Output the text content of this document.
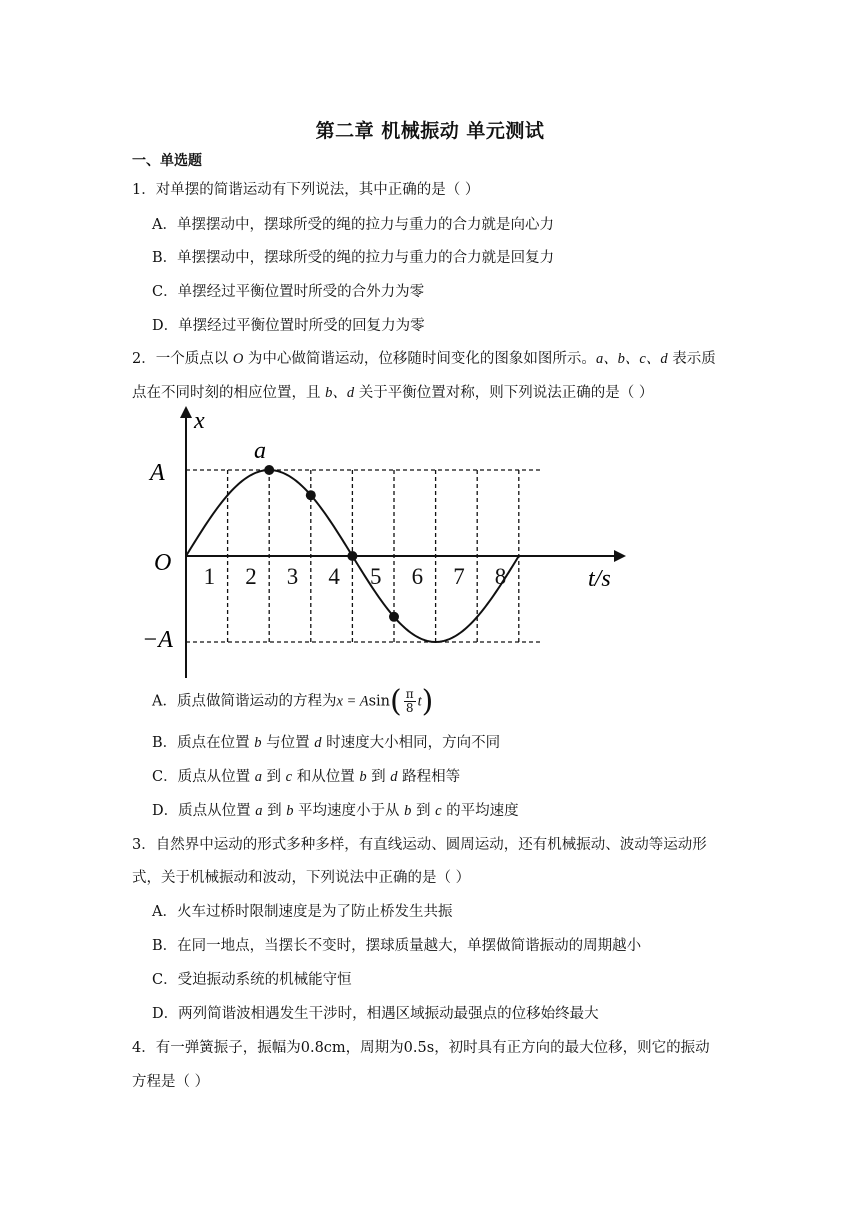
第二章 机械振动 单元测试
一、单选题
1．对单摆的简谐运动有下列说法，其中正确的是（ ）
A．单摆摆动中，摆球所受的绳的拉力与重力的合力就是向心力
B．单摆摆动中，摆球所受的绳的拉力与重力的合力就是回复力
C．单摆经过平衡位置时所受的合外力为零
D．单摆经过平衡位置时所受的回复力为零
2．一个质点以 O 为中心做简谐运动，位移随时间变化的图象如图所示。a、b、c、d 表示质
点在不同时刻的相应位置，且 b、d 关于平衡位置对称，则下列说法正确的是（ ）
x
A
O
−A
a
t/s
1 2 3 4 5 6 7 8
A．质点做简谐运动的方程为$x = Asin( \frac{\pi}{8} t)$
B．质点在位置 b 与位置 d 时速度大小相同，方向不同
C．质点从位置 a 到 c 和从位置 b 到 d 路程相等
D．质点从位置 a 到 b 平均速度小于从 b 到 c 的平均速度
3．自然界中运动的形式多种多样，有直线运动、圆周运动，还有机械振动、波动等运动形
式，关于机械振动和波动，下列说法中正确的是（ ）
A．火车过桥时限制速度是为了防止桥发生共振
B．在同一地点，当摆长不变时，摆球质量越大，单摆做简谐振动的周期越小
C．受迫振动系统的机械能守恒
D．两列简谐波相遇发生干涉时，相遇区域振动最强点的位移始终最大
4．有一弹簧振子，振幅为0.8cm，周期为0.5s，初时具有正方向的最大位移，则它的振动
方程是（ ）
